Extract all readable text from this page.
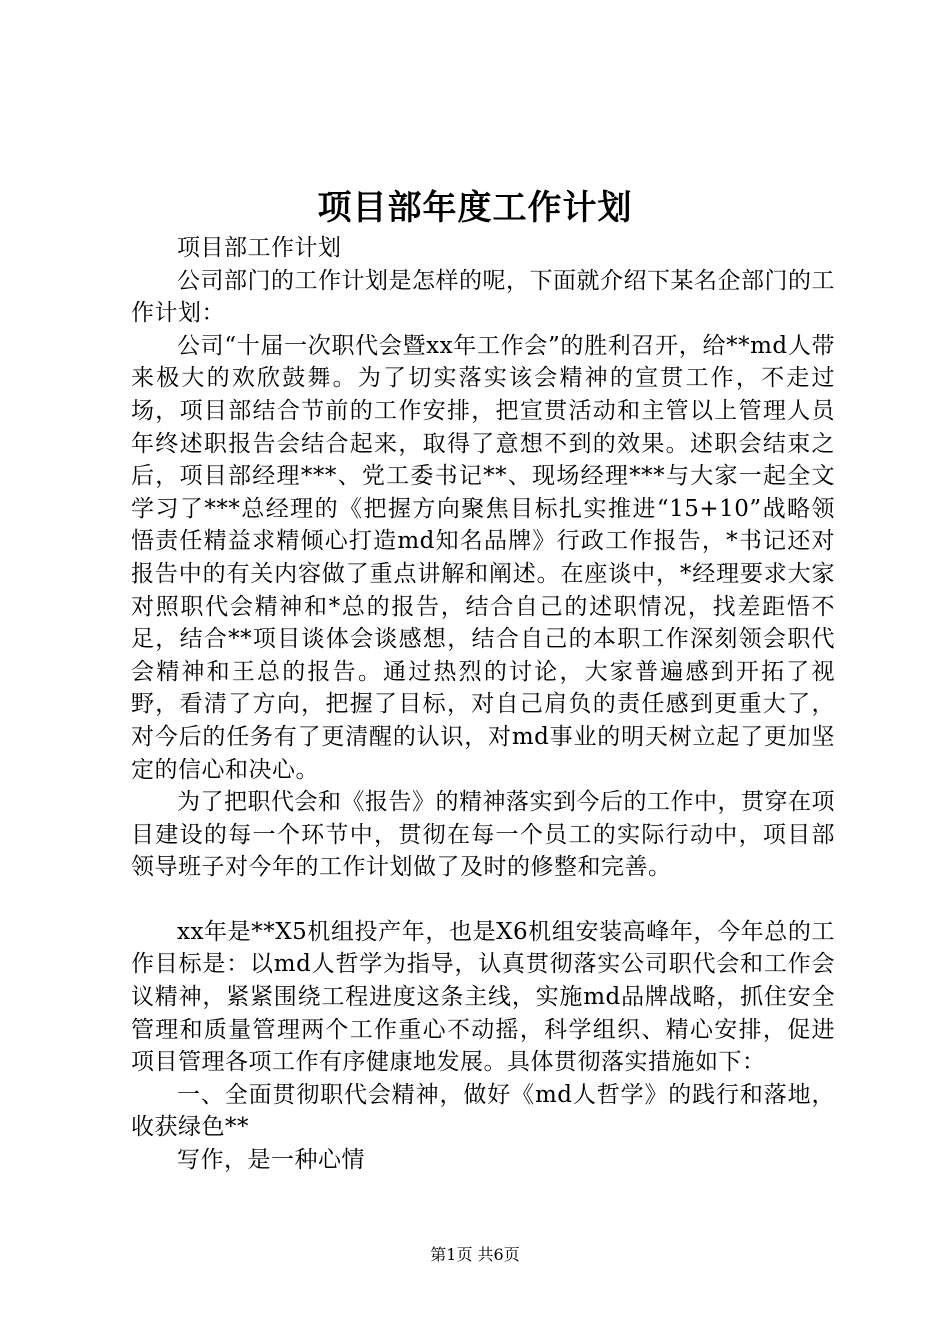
项目部年度工作计划

项目部工作计划

公司部门的工作计划是怎样的呢，下面就介绍下某名企部门的工作计划：

公司“十届一次职代会暨xx年工作会”的胜利召开，给**md人带来极大的欢欣鼓舞。为了切实落实该会精神的宣贯工作，不走过场，项目部结合节前的工作安排，把宣贯活动和主管以上管理人员年终述职报告会结合起来，取得了意想不到的效果。述职会结束之后，项目部经理***、党工委书记**、现场经理***与大家一起全文学习了***总经理的《把握方向聚焦目标扎实推进“15+10”战略领悟责任精益求精倾心打造md知名品牌》行政工作报告，*书记还对报告中的有关内容做了重点讲解和阐述。在座谈中，*经理要求大家对照职代会精神和*总的报告，结合自己的述职情况，找差距悟不足，结合**项目谈体会谈感想，结合自己的本职工作深刻领会职代会精神和王总的报告。通过热烈的讨论，大家普遍感到开拓了视野，看清了方向，把握了目标，对自己肩负的责任感到更重大了，对今后的任务有了更清醒的认识，对md事业的明天树立起了更加坚定的信心和决心。

为了把职代会和《报告》的精神落实到今后的工作中，贯穿在项目建设的每一个环节中，贯彻在每一个员工的实际行动中，项目部领导班子对今年的工作计划做了及时的修整和完善。

xx年是**X5机组投产年，也是X6机组安装高峰年，今年总的工作目标是：以md人哲学为指导，认真贯彻落实公司职代会和工作会议精神，紧紧围绕工程进度这条主线，实施md品牌战略，抓住安全管理和质量管理两个工作重心不动摇，科学组织、精心安排，促进项目管理各项工作有序健康地发展。具体贯彻落实措施如下：

一、全面贯彻职代会精神，做好《md人哲学》的践行和落地，收获绿色**

写作，是一种心情

第1页 共6页
